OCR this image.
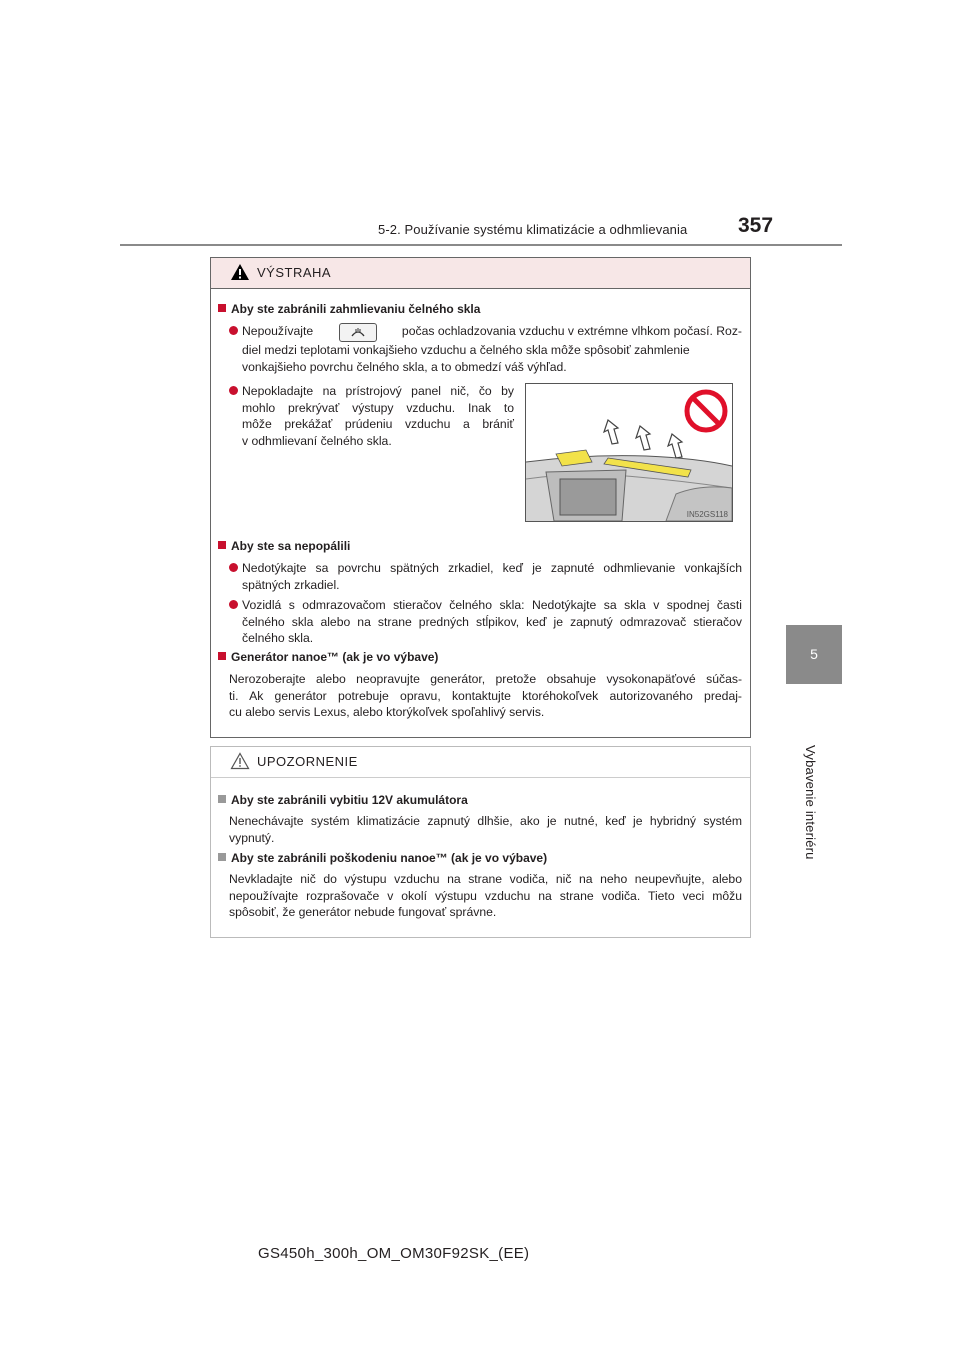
5-2. Používanie systému klimatizácie a odhmlievania 357
5
Vybavenie interiéru
VÝSTRAHA
Aby ste zabránili zahmlievaniu čelného skla
Nepoužívajte	počas ochladzovania vzduchu v extrémne vlhkom počasí. Roz-
diel medzi teplotami vonkajšieho vzduchu a čelného skla môže spôsobiť zahmlenie
vonkajšieho povrchu čelného skla, a to obmedzí váš výhľad.
Nepokladajte na prístrojový panel nič, čo by
mohlo prekrývať výstupy vzduchu. Inak to
môže prekážať prúdeniu vzduchu a brániť
v odhmlievaní čelného skla.
IN52GS118
Aby ste sa nepopálili
Nedotýkajte sa povrchu spätných zrkadiel, keď je zapnuté odhmlievanie vonkajších
spätných zrkadiel.
Vozidlá s odmrazovačom stieračov čelného skla: Nedotýkajte sa skla v spodnej časti
čelného skla alebo na strane predných stĺpikov, keď je zapnutý odmrazovač stieračov
čelného skla.
Generátor nanoe™ (ak je vo výbave)
Nerozoberajte alebo neopravujte generátor, pretože obsahuje vysokonapäťové súčas-
ti. Ak generátor potrebuje opravu, kontaktujte ktoréhokoľvek autorizovaného predaj-
cu alebo servis Lexus, alebo ktorýkoľvek spoľahlivý servis.
UPOZORNENIE
Aby ste zabránili vybitiu 12V akumulátora
Nenechávajte systém klimatizácie zapnutý dlhšie, ako je nutné, keď je hybridný systém
vypnutý.
Aby ste zabránili poškodeniu nanoe™ (ak je vo výbave)
Nevkladajte nič do výstupu vzduchu na strane vodiča, nič na neho neupevňujte, alebo
nepoužívajte rozprašovače v okolí výstupu vzduchu na strane vodiča. Tieto veci môžu
spôsobiť, že generátor nebude fungovať správne.
GS450h_300h_OM_OM30F92SK_(EE)
